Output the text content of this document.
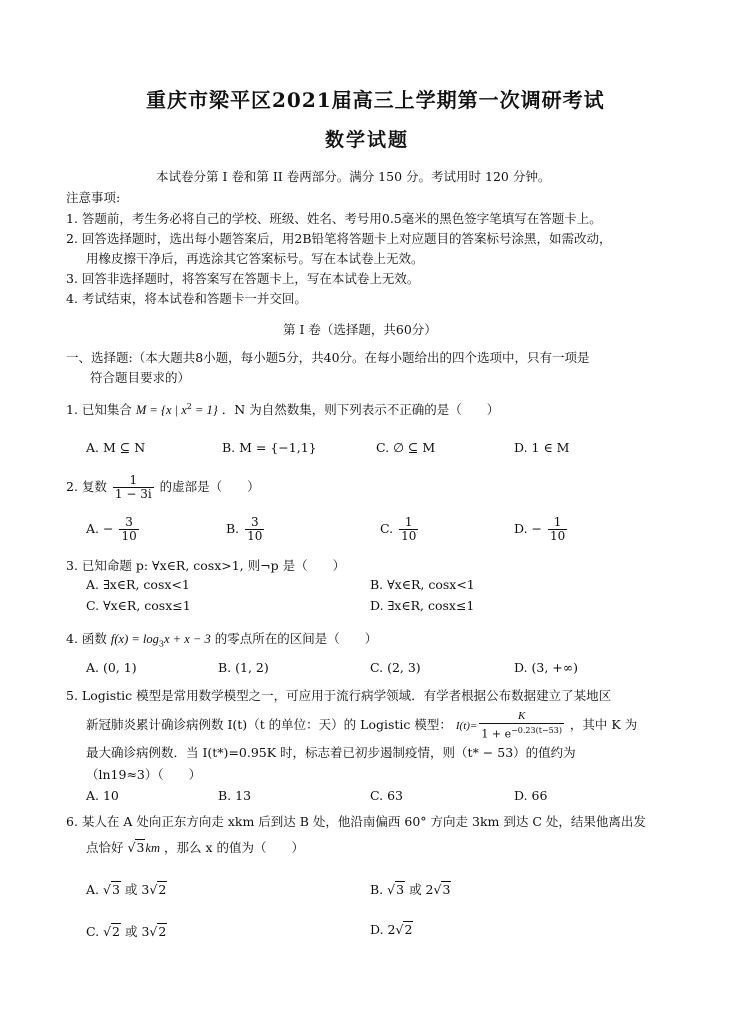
重庆市梁平区2021届高三上学期第一次调研考试
数学试题
本试卷分第 I 卷和第 II 卷两部分。满分 150 分。考试用时 120 分钟。
注意事项:
1. 答题前，考生务必将自己的学校、班级、姓名、考号用0.5毫米的黑色签字笔填写在答题卡上。
2. 回答选择题时，选出每小题答案后，用2B铅笔将答题卡上对应题目的答案标号涂黑，如需改动，
用橡皮擦干净后，再选涂其它答案标号。写在本试卷上无效。
3. 回答非选择题时，将答案写在答题卡上，写在本试卷上无效。
4. 考试结束，将本试卷和答题卡一并交回。
第 I 卷（选择题，共60分）
一、选择题:（本大题共8小题，每小题5分，共40分。在每小题给出的四个选项中，只有一项是
符合题目要求的）
1. 已知集合 M = {x | $x^2 = 1$} ．N 为自然数集，则下列表示不正确的是（　　）
A. M ⊆ N	B. M = {−1,1}	C. ∅ ⊆ M	D. 1 ∈ M
2. 复数 $\frac{1}{1 - 3i}$ 的虚部是（　　）
A. − $\frac{3}{10}$	B. $\frac{3}{10}$	C. $\frac{1}{10}$	D. − $\frac{1}{10}$
3. 已知命题 p: ∀x∈R, cosx>1, 则¬p 是（　　）
A. ∃x∈R, cosx<1	B. ∀x∈R, cosx<1
C. ∀x∈R, cosx≤1	D. ∃x∈R, cosx≤1
4. 函数 $f(x) = \log_3x + x - 3$ 的零点所在的区间是（　　）
A. (0, 1)	B. (1, 2)	C. (2, 3)	D. (3, +∞)
5. Logistic 模型是常用数学模型之一，可应用于流行病学领域．有学者根据公布数据建立了某地区
新冠肺炎累计确诊病例数 I(t)（t 的单位：天）的 Logistic 模型： $I(t)= \frac{K}{1 + e^{-0.23(t-53)}}$ ，其中 K 为
最大确诊病例数．当 I(t*)=0.95K 时，标志着已初步遏制疫情，则（t* − 53）的值约为
（ln19≈3）（　　）
A. 10	B. 13	C. 63	D. 66
6. 某人在 A 处向正东方向走 xkm 后到达 B 处，他沿南偏西 60° 方向走 3km 到达 C 处，结果他离出发
点恰好 √3km ，那么 x 的值为（　　）
A. √3 或 3√2	B. √3 或 2√3
C. √2 或 3√2	D. 2√2
